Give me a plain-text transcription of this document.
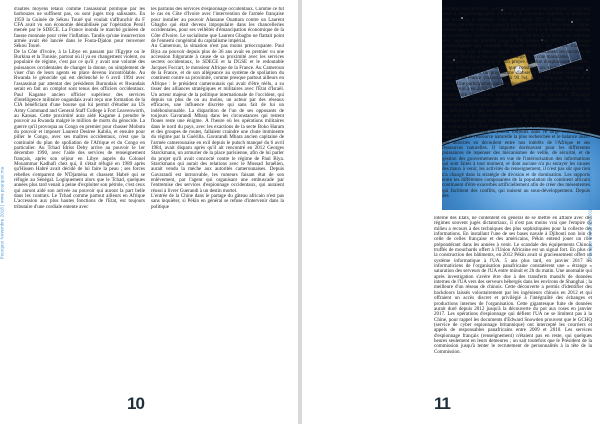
Pourquoi Novembre 2018 | www.pourquoi.ma
d'autres moyens létaux comme l'assassinat politique par les barbouzes ne suffisent pas, ou sont jugés trop salissants. En 1959 la Guinée de Sékou Touré qui voulait s'affranchir du F CFA avait vu son économie déstabilisée par l'opération Persil menée par le SDECE. La France inonda le marché guinéen de fausse monnaie pour créer l'inflation. Tandis qu'une insurrection armée avait été lancée dans le Fouta-Djalon pour renverser Sékou Touré.
De la Côte d'Ivoire, à la Libye en passant par l'Egypte ou le Burkina et la Tunisie, partout où il ya eu changement violent, ou populaire de régime, c'est par ce qu'il y avait une volonté des puissances occidentales de changer la donne, ou simplement de viser d'un de leurs agents en place devenu incontrôlable. Au Rwanda le génocide qui est déclenché le 6 avril 1994 avec l'assassinat par attentat des présidents Burundais et Rwandais serait en fait un complot sont tenus des officiers occidentaux. Paul Kagame ancien officier supérieur des services d'intelligence militaire ougandais avait reçu une formation de la CIA bénéficiant d'une bourse qui lui permit d'étudier au US Army Command and General Staff College à Fort Leavenworth, au Kansas. Cette proximité aura aidé Kagame à prendre le pouvoir au Rwanda malgré le million de morts du génocide. La guerre qu'il provoqua au Congo en premier pour chasser Mobutu du pouvoir et imposer Laurent Desiree Kabila, et ensuite pour piller le Congo, avec ses maîtres occidentaux, n'est que la continuité du plan de spoliation de l'Afrique et du Congo en particulier. Au Tchad Idriss Deby arrive au pouvoir le 1er décembre 1990, avec l'aide des services de renseignement français, après son séjour en Libye auprès du Colonel Mouammar Kadhafi chez qui, il s'était réfugié en 1989 après qu'Hissen Habré avait décidé de lui faire la peau ; ses forces rebelles s'emparent de N'Djaména et chassent Habré qui se réfugie au Sénégal. Logiquement alors que le Tchad, quelques années plus tard venait à peine d'exploiter son pétrole, c'est ceux qui auront aidé son arrivée au pouvoir qui auront la part belle dans les contrats. Le Tchad comme partout ailleurs en Afrique L'accession aux plus hautes fonctions de l'Etat, est toujours tributaire d'une cordiale entente avec
les parrains des services d'espionnage occidentaux. Comme ce fut le cas en Côte d'Ivoire avec l'intervention de l'armée française pour installer au pouvoir Alassane Ouattara contre un Laurent Gbagbo qui était devenu impopulaire dans les chancelleries occidentales, pour ses velléités d'émancipation économique de la Côte d'Ivoire. Le socialisme que Laurent Gbagbo ne flattait point de l'ennemi congénital du capitalisme impérial.
Au Cameroun, la situation n'est pas moins préoccupante. Paul Biya au pouvoir depuis plus de 36 ans avait en premier vu une accession fulgurante à cause de sa proximité avec les services secrets occidentaux, le SDECE et la DGSE et le redoutable Jacques Foccart, le monsieur Afrique de la France. Au Cameroun de la France, et de son allégeance au système de spoliation du continent contre sa proximité, comme presque partout ailleurs en Afrique : le président camerounais qui avait d'être réélu, a su tisser des alliances stratégiques et militaires avec l'État d'Israël. Un acteur majeur de la politique internationale de l'occident, qui depuis un plus de ou au moins, un acteur par des réseaux efficaces, une influence discrète qui sans fait de lui un indéboulonnable. La disparition de l'un de ses opposants de toujours Gavarandi Mbara dans les circonstances qui restent floues reste une énigme. À l'heure où les opérations militaires dans le nord du pays, avec les exactions de la secte Boko Haram et des groupes de routes, fallaient craindre une chute imminente du régime par la Guérilla. Gavarandi Mbara ancien capitaine de l'armée camerounaise en exil depuis le putsch manqué du 6 avril 1984, avait disparu après qu'il ait rencontré en 2012 Georges Starckmann, un armurier de la place parisienne, afin de lui parler du projet qu'il avait concocté contre le régime de Paul Biya. Starckmann qui aurait des relations avec le Mossad Israélien, aurait vendu la mèche aux autorités camerounaises. Depuis Gavarandi est introuvable, les rumeurs faisant état de son enlèvement, par l'agent qui organisant une embuscade par l'entremise des services d'espionnage occidentaux, qui auraient réussi à livrer Guerandi à un destin mortel.
L'entrée de la Chine dans le partage du gâteau africain n'est pas sans inquiéter, si Pékin en général se refuse d'intervenir dans la politique
10
interne des Etats, ne contentent en général de se mettre en affaire avec des régimes souvent jugés dictatoriaux, il n'est pas moins vrai que l'empire du milieu a recours à des techniques des plus sophistiquées pour la collecte des informations. En installant l'une de ses bases navale à Djibouti non loin de celle de celles française et des américains, Pékin entend jouer un rôle prépondérant dans les années à venir. Le scandale des équipements Chinois truffés de mouchards offert à l'Union Africaine est un signal fort. En plus de la construction des bâtiments, en 2012 Pékin avait si gracieusement offert un système informatique à l'UA. 5 ans plus tard, en janvier 2017 les informaticiens de l'organisation panafricaine constatèrent une « étrange » saturation des serveurs de l'UA entre minuit et 2h du matin. Une anomalie qui après investigation s'avère être due à des transferts massifs de données internes de l'UA vers des serveurs hébergés dans les environs de Shanghai ; la meilleure d'un réseau de chinois. Cette découverte a permis d'identifier des backdoors laissés volontairement par les ingénieurs chinois en 2012 et qui offraient un accès discret et privilégié à l'intégralité des échanges et productions internes de l'organisation. Cette gigantesque fuite de données aurait duré depuis 2012 jusqu'à la découverte du pot aux roses en janvier 2017. Les opérations d'espionnage qui défient l'UA ne se limitent pas à la Chine, pour rappel les documents d'Edward Snowden prouvent que le GCHQ (service de cyber espionnage britannique) ont intercepté les courriers et appels de responsables panafricains entre 2009 et 2010. Les services d'espionnage français (renseignement) n'étaient pas en reste, qui quelques heures seulement en leurs demeures ; on sait toutefois que le Président de la commission jusqu'à tenter le recrutement de personnalités à la tête de la Commission.
Pourquoi Novembre 2018 | www.pourquoi.ma
11
Certains pays africains, comme l'Afrique du Sud ou le Maroc, s'essayent aussi à l'espionnage pour s'ouvrir à de nouveaux marchés et renforcer leur territoire et prévenir. C'est ainsi qu'en 2017 le Maroc a lancé un premier satellite espion Construit par le consortium franco-italien Thales Alenia Space et Airbus, Les Mohammed-VI A et B forment un système de surveillance, dont la mise en orbite à 694 km de la Terre, ces satellites sont capables de prendre jusqu'à 500 photos par jour. Un avantage géostratégique qui inquiète l'Espagne voisine, qui a des frontières territoriales avec le Maroc depuis des siècles notamment les enclaves de Ceuta et Melilla, et les cinq îlots au large de la côte marocaine.
L'Espagne ne dispose pas de son propre satellite d'espionnage militaire, et en termes pratiques de ce que constitue un sérieux avantage, il touchait les 2,5 % du programme d'observation européen Hélios, aux côtés de la France (majoritaire à 90 %), de la Belgique, l'Italie et la Grèce. Une participation qui reste insuffisante puisque, lors de la crise de l'îlot Perejil à en 2002, qui a failli dégénérer en guerre ouverte, la lourde bureaucratie de l'Union européenne n'avait pas permis à l'Espagne d'obtenir au moment opportun des images satellitaires sur les mouvements de troupes marocaines.
En définitive ce que les spécialistes appellent espionnage en temps de paix, qui vise la collecte systématique des fonds intellectuel national de l'Afrique est un enjeu stratégique, il est important de noter que même si le continent noir n'est pas en tant que tel au centre du renseignement mondial, les alliances se jouent toujours dans ce large continent. En réalité le jeu se ressource naturelle la plus recherchée et le balance aussi. Les autorités en découlent entre nos intérêts de l'Afrique et ses ressources naturelles. Il importe dorénavant pour les différentes puissances de repenser des mécanismes de veille, de sécurité, et de gestion des gouvernements en vue de l'intériorisation des informations qui sont faites à tout moment, et dont aucune n'a pu enrayer les causes des maux à venir, les activités du renseignement, il n'est pas sûr que rien n'a changé dans la stratégie de division et de domination. Les rapports entre les différentes composantes de la population du continent africain continuent d'être exacerbés artificiellement afin de créer des mésententes qui facilitent des conflits, qui nuisent au sous-développement. Depuis des
